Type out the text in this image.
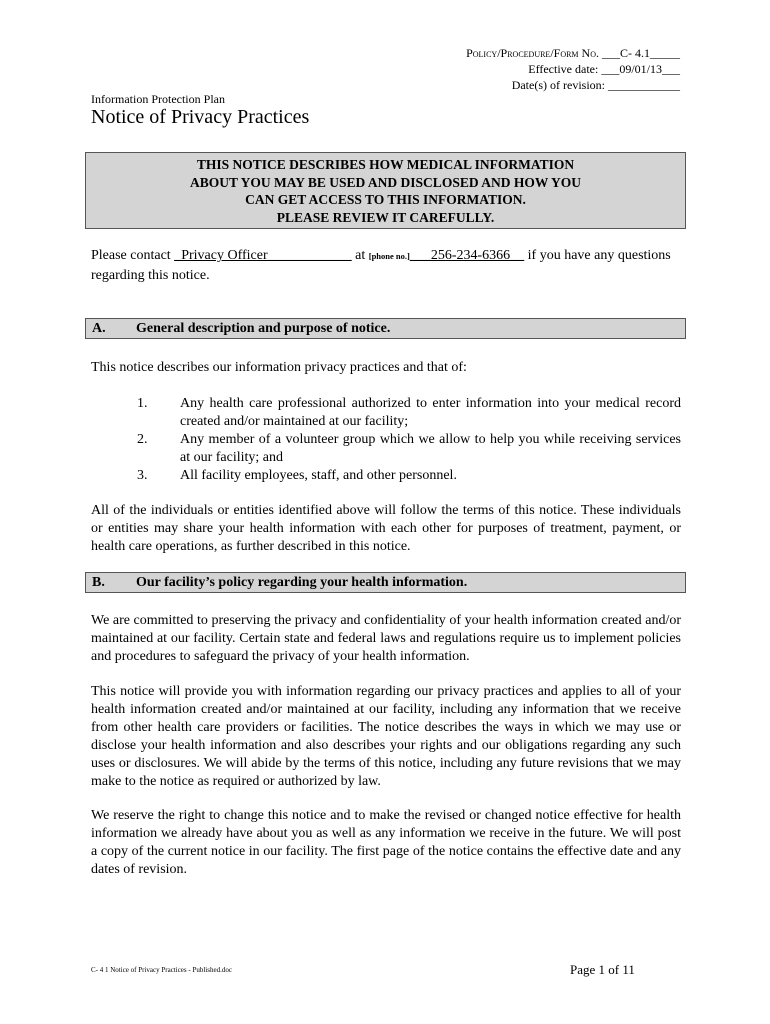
Policy/Procedure/Form No. ___C- 4.1_____
Effective date: ___09/01/13___
Date(s) of revision: ____________
Information Protection Plan
Notice of Privacy Practices
THIS NOTICE DESCRIBES HOW MEDICAL INFORMATION
ABOUT YOU MAY BE USED AND DISCLOSED AND HOW YOU
CAN GET ACCESS TO THIS INFORMATION.
PLEASE REVIEW IT CAREFULLY.
Please contact _Privacy Officer____________ at [phone no.]___256-234-6366__ if you have any questions regarding this notice.
A. General description and purpose of notice.

This notice describes our information privacy practices and that of:

1. Any health care professional authorized to enter information into your medical record created and/or maintained at our facility;
2. Any member of a volunteer group which we allow to help you while receiving services at our facility; and
3. All facility employees, staff, and other personnel.

All of the individuals or entities identified above will follow the terms of this notice. These individuals or entities may share your health information with each other for purposes of treatment, payment, or health care operations, as further described in this notice.

B. Our facility’s policy regarding your health information.

We are committed to preserving the privacy and confidentiality of your health information created and/or maintained at our facility. Certain state and federal laws and regulations require us to implement policies and procedures to safeguard the privacy of your health information.

This notice will provide you with information regarding our privacy practices and applies to all of your health information created and/or maintained at our facility, including any information that we receive from other health care providers or facilities. The notice describes the ways in which we may use or disclose your health information and also describes your rights and our obligations regarding any such uses or disclosures. We will abide by the terms of this notice, including any future revisions that we may make to the notice as required or authorized by law.

We reserve the right to change this notice and to make the revised or changed notice effective for health information we already have about you as well as any information we receive in the future. We will post a copy of the current notice in our facility. The first page of the notice contains the effective date and any dates of revision.

C- 4 1 Notice of Privacy Practices - Published.doc	Page 1 of 11
